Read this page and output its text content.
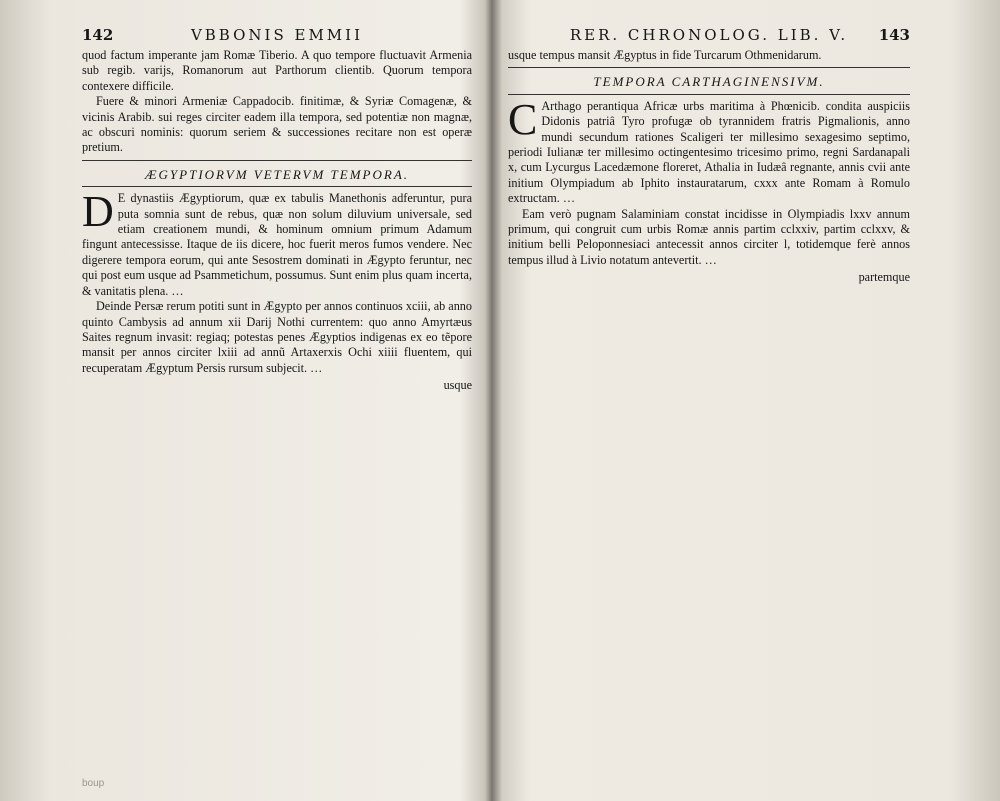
142	VBBONIS EMMII

quod factum imperante jam Romæ Tiberio. A quo tempore fluctuavit Armenia sub regib. varijs, Romanorum aut Parthorum clientib. Quorum tempora contexere difficile.

Fuere & minori Armeniæ Cappadocib. finitimæ, & Syriæ Comagenæ, & vicinis Arabib. sui reges circiter eadem illa tempora, sed potentiæ non magnæ, ac obscuri nominis: quorum seriem & successiones recitare non est operæ pretium.

ÆGYPTIORVM VETERVM TEMPORA.

D E dynastiis Ægyptiorum, quæ ex tabulis Manethonis adferuntur, pura puta somnia sunt de rebus, quæ non solum diluvium universale, sed etiam creationem mundi, & hominum omnium primum Adamum fingunt antecessisse. Itaque de iis dicere, hoc fuerit meros fumos vendere. Nec digerere tempora eorum, qui ante Sesostrem dominati in Ægypto feruntur, nec qui post eum usque ad Psammetichum, possumus. Sunt enim plus quam incerta, & vanitatis plena. …

Deinde Persæ rerum potiti sunt in Ægypto per annos continuos xciii, ab anno quinto Cambysis ad annum xii Darij Nothi currentem: quo anno Amyrtæus Saites regnum invasit: regiaq; potestas penes Ægyptios indigenas ex eo tẽpore mansit per annos circiter lxiii ad annũ Artaxerxis Ochi xiiii fluentem, qui recuperatam Ægyptum Persis rursum subjecit. …

usque
143
RER. CHRONOLOG. LIB. V.

usque tempus mansit Ægyptus in fide Turcarum Othmenidarum.

TEMPORA CARTHAGINENSIVM.

C Arthago perantiqua Africæ urbs maritima à Phœnicib. condita auspiciis Didonis patriâ Tyro profugæ ob tyrannidem fratris Pigmalionis, anno mundi secundum rationes Scaligeri ter millesimo sexagesimo septimo, periodi Iulianæ ter millesimo octingentesimo tricesimo primo, regni Sardanapali x, cum Lycurgus Lacedæmone floreret, Athalia in Iudæâ regnante, annis cvii ante initium Olympiadum ab Iphito instauratarum, cxxx ante Romam à Romulo extructam. …

Eam verò pugnam Salaminiam constat incidisse in Olympiadis lxxv annum primum, qui congruit cum urbis Romæ annis partim cclxxiv, partim cclxxv, & initium belli Peloponnesiaci antecessit annos circiter l, totidemque ferè annos tempus illud à Livio notatum antevertit. …

partemque
boup
